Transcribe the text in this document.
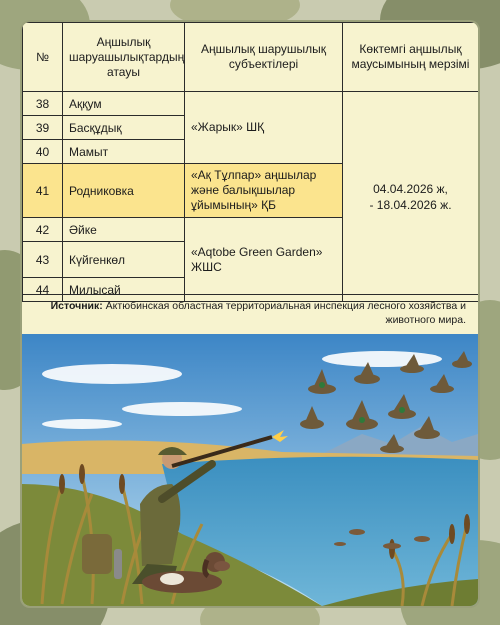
№	Аңшылық шаруашылықтардың атауы	Аңшылық шарушылық субъектілері	Көктемгі аңшылық маусымының мерзімі
38	Аққум	«Жарык» ШҚ	04.04.2026 ж,
- 18.04.2026 ж.

39	Басқұдық		
40	Мамыт		
41	Родниковка	«Ақ Тұлпар» аңшылар және балықшылар ұйымының» ҚБ	
42	Әйке	«Aqtobe Green Garden» ЖШС	
43	Күйгенкөл		
44	Милысай		
Источник: Актюбинская областная территориальная инспекция лесного хозяйства и животного мира.
